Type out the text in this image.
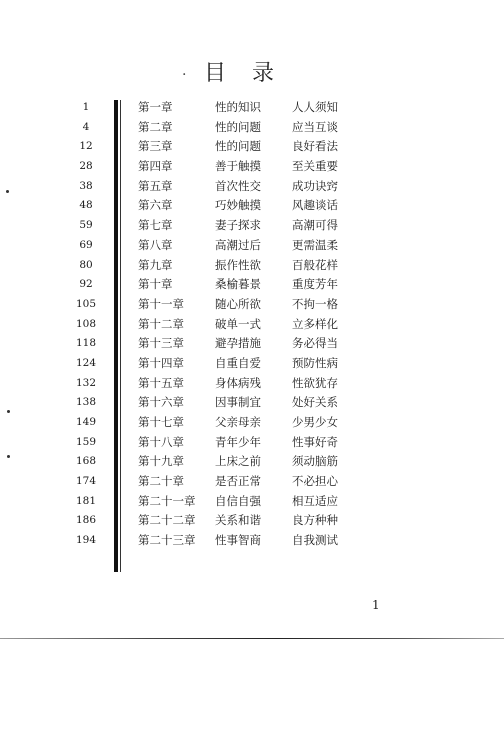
. 目录
1	第一章	性的知识	人人须知
4	第二章	性的问题	应当互谈
12	第三章	性的问题	良好看法
28	第四章	善于触摸	至关重要
38	第五章	首次性交	成功诀窍
48	第六章	巧妙触摸	风趣谈话
59	第七章	妻子探求	高潮可得
69	第八章	高潮过后	更需温柔
80	第九章	振作性欲	百般花样
92	第十章	桑榆暮景	重度芳年
105	第十一章	随心所欲	不拘一格
108	第十二章	破单一式	立多样化
118	第十三章	避孕措施	务必得当
124	第十四章	自重自爱	预防性病
132	第十五章	身体病残	性欲犹存
138	第十六章	因事制宜	处好关系
149	第十七章	父亲母亲	少男少女
159	第十八章	青年少年	性事好奇
168	第十九章	上床之前	须动脑筋
174	第二十章	是否正常	不必担心
181	第二十一章 自信自强	相互适应
186	第二十二章 关系和谐	良方种种
194	第二十三章 性事智商	自我测试
1
